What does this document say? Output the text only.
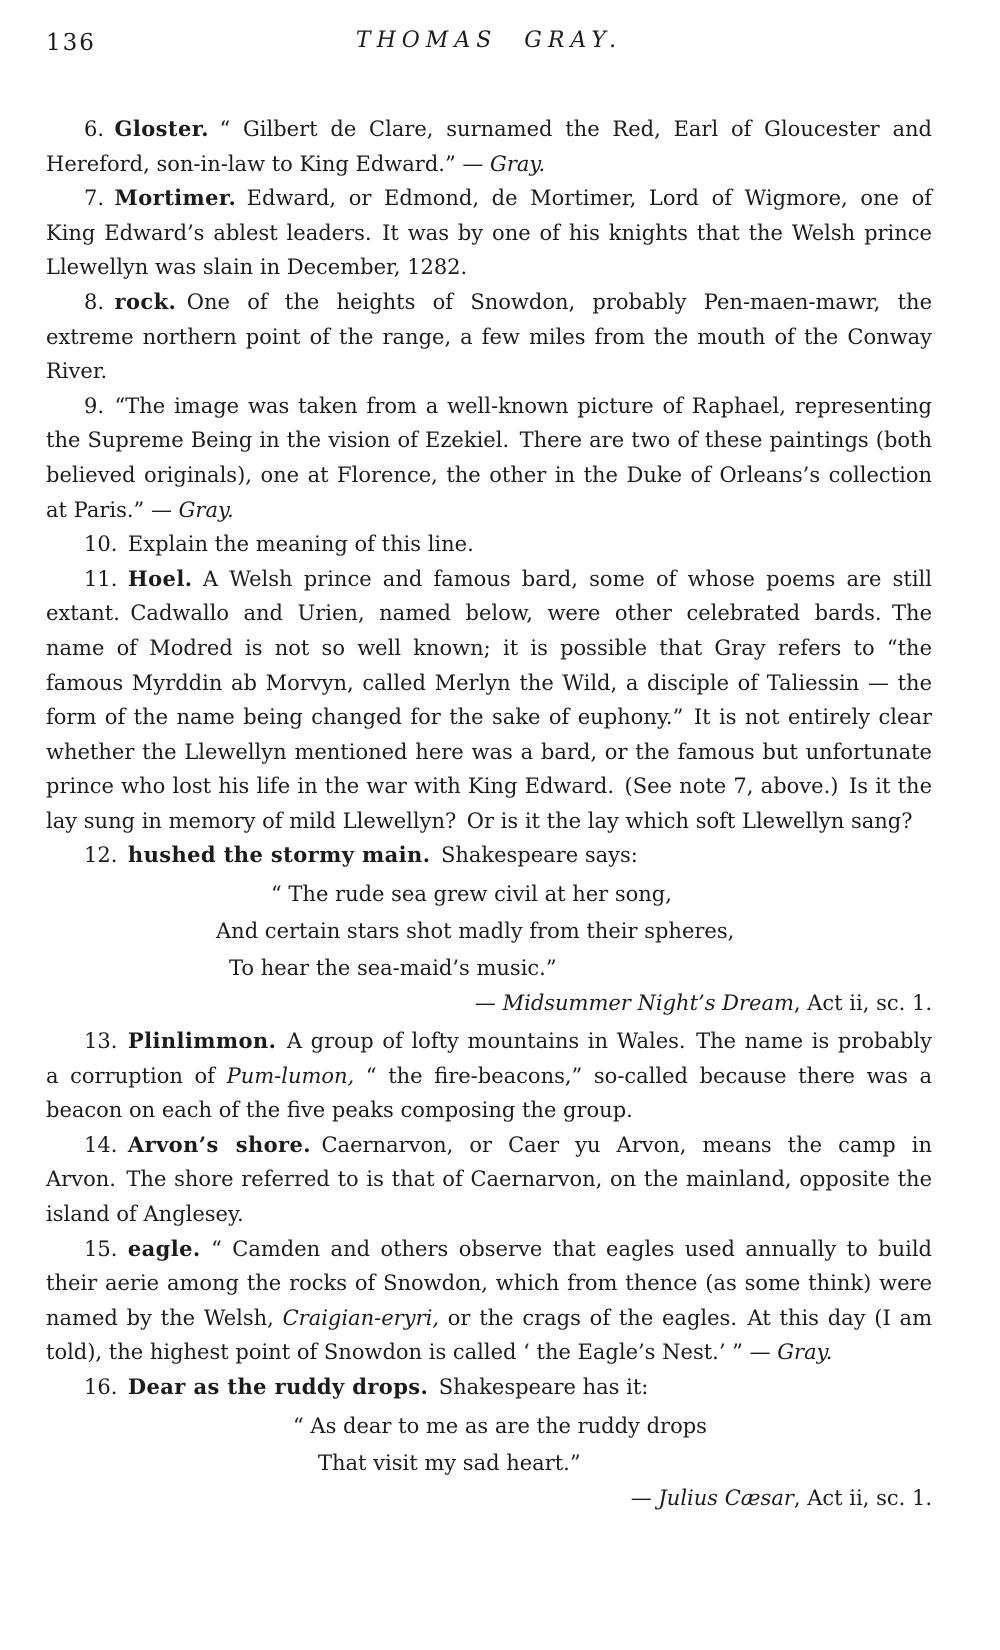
136	THOMAS GRAY.

6. Gloster. “ Gilbert de Clare, surnamed the Red, Earl of Gloucester and Hereford, son-in-law to King Edward.” — Gray.

7. Mortimer. Edward, or Edmond, de Mortimer, Lord of Wigmore, one of King Edward’s ablest leaders. It was by one of his knights that the Welsh prince Llewellyn was slain in December, 1282.

8. rock. One of the heights of Snowdon, probably Pen-maen-mawr, the extreme northern point of the range, a few miles from the mouth of the Conway River.

9. “The image was taken from a well-known picture of Raphael, representing the Supreme Being in the vision of Ezekiel. There are two of these paintings (both believed originals), one at Florence, the other in the Duke of Orleans’s collection at Paris.” — Gray.

10. Explain the meaning of this line.

11. Hoel. A Welsh prince and famous bard, some of whose poems are still extant. Cadwallo and Urien, named below, were other celebrated bards. The name of Modred is not so well known; it is possible that Gray refers to “the famous Myrddin ab Morvyn, called Merlyn the Wild, a disciple of Taliessin — the form of the name being changed for the sake of euphony.” It is not entirely clear whether the Llewellyn mentioned here was a bard, or the famous but unfortunate prince who lost his life in the war with King Edward. (See note 7, above.) Is it the lay sung in memory of mild Llewellyn? Or is it the lay which soft Llewellyn sang?

12. hushed the stormy main. Shakespeare says:

“ The rude sea grew civil at her song,
And certain stars shot madly from their spheres,
To hear the sea-maid’s music.”
— Midsummer Night’s Dream, Act ii, sc. 1.

13. Plinlimmon. A group of lofty mountains in Wales. The name is probably a corruption of Pum-lumon, “ the fire-beacons,” so-called because there was a beacon on each of the five peaks composing the group.

14. Arvon’s shore. Caernarvon, or Caer yu Arvon, means the camp in Arvon. The shore referred to is that of Caernarvon, on the mainland, opposite the island of Anglesey.

15. eagle. “ Camden and others observe that eagles used annually to build their aerie among the rocks of Snowdon, which from thence (as some think) were named by the Welsh, Craigian-eryri, or the crags of the eagles. At this day (I am told), the highest point of Snowdon is called ‘ the Eagle’s Nest.’ ” — Gray.

16. Dear as the ruddy drops. Shakespeare has it:

“ As dear to me as are the ruddy drops
That visit my sad heart.”
— Julius Cæsar, Act ii, sc. 1.
